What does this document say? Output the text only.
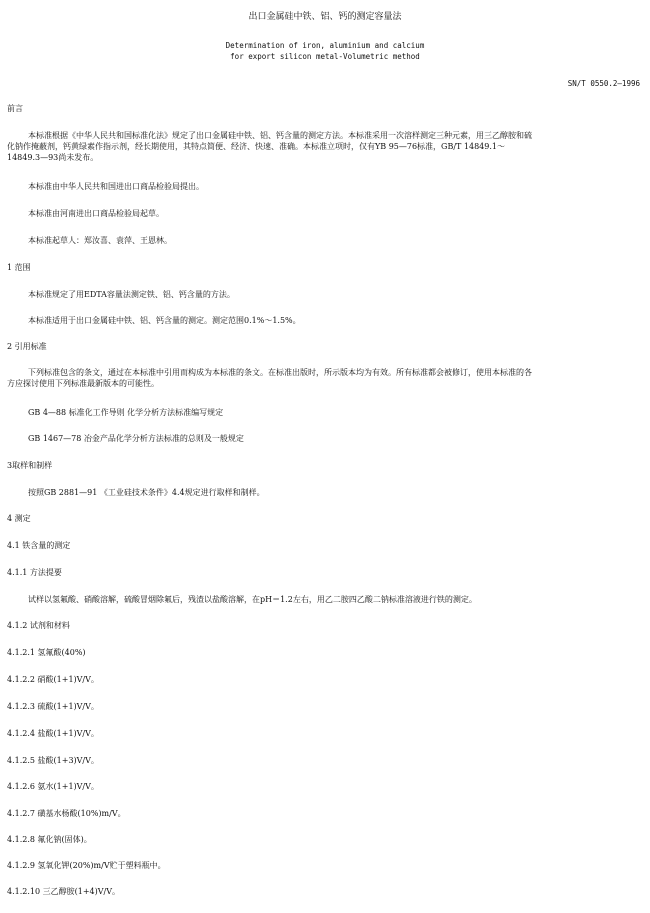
出口金属硅中铁、铝、钙的测定容量法
Determination of iron, aluminium and calcium
for export silicon metal-Volumetric method
SN/T 0550.2—1996
前言
本标准根据《中华人民共和国标准化法》规定了出口金属硅中铁、铝、钙含量的测定方法。本标准采用一次溶样测定三种元素，用三乙醇胺和硫
化钠作掩蔽剂，钙黄绿素作指示剂，经长期使用，其特点简便、经济、快速、准确。本标准立项时，仅有YB 95—76标准，GB/T 14849.1～
14849.3—93尚未发布。
本标准由中华人民共和国进出口商品检验局提出。
本标准由河南进出口商品检验局起草。
本标准起草人：郑汝喜、袁萍、王恩林。
1 范围
本标准规定了用EDTA容量法测定铁、铝、钙含量的方法。
本标准适用于出口金属硅中铁、铝、钙含量的测定。测定范围0.1%～1.5%。
2 引用标准
下列标准包含的条文，通过在本标准中引用而构成为本标准的条文。在标准出版时，所示版本均为有效。所有标准都会被修订，使用本标准的各
方应探讨使用下列标准最新版本的可能性。
GB 4—88 标准化工作导则 化学分析方法标准编写规定
GB 1467—78 冶金产品化学分析方法标准的总则及一般规定
3取样和制样
按照GB 2881—91 《工业硅技术条件》4.4规定进行取样和制样。
4 测定
4.1 铁含量的测定
4.1.1 方法提要
试样以氢氟酸、硝酸溶解，硫酸冒烟除氟后，残渣以盐酸溶解，在pH＝1.2左右，用乙二胺四乙酸二钠标准溶液进行铁的测定。
4.1.2 试剂和材料
4.1.2.1 氢氟酸(40%)
4.1.2.2 硝酸(1+1)V/V。
4.1.2.3 硫酸(1+1)V/V。
4.1.2.4 盐酸(1+1)V/V。
4.1.2.5 盐酸(1+3)V/V。
4.1.2.6 氨水(1+1)V/V。
4.1.2.7 磺基水杨酸(10%)m/V。
4.1.2.8 氟化钠(固体)。
4.1.2.9 氢氧化钾(20%)m/V贮于塑料瓶中。
4.1.2.10 三乙醇胺(1+4)V/V。
